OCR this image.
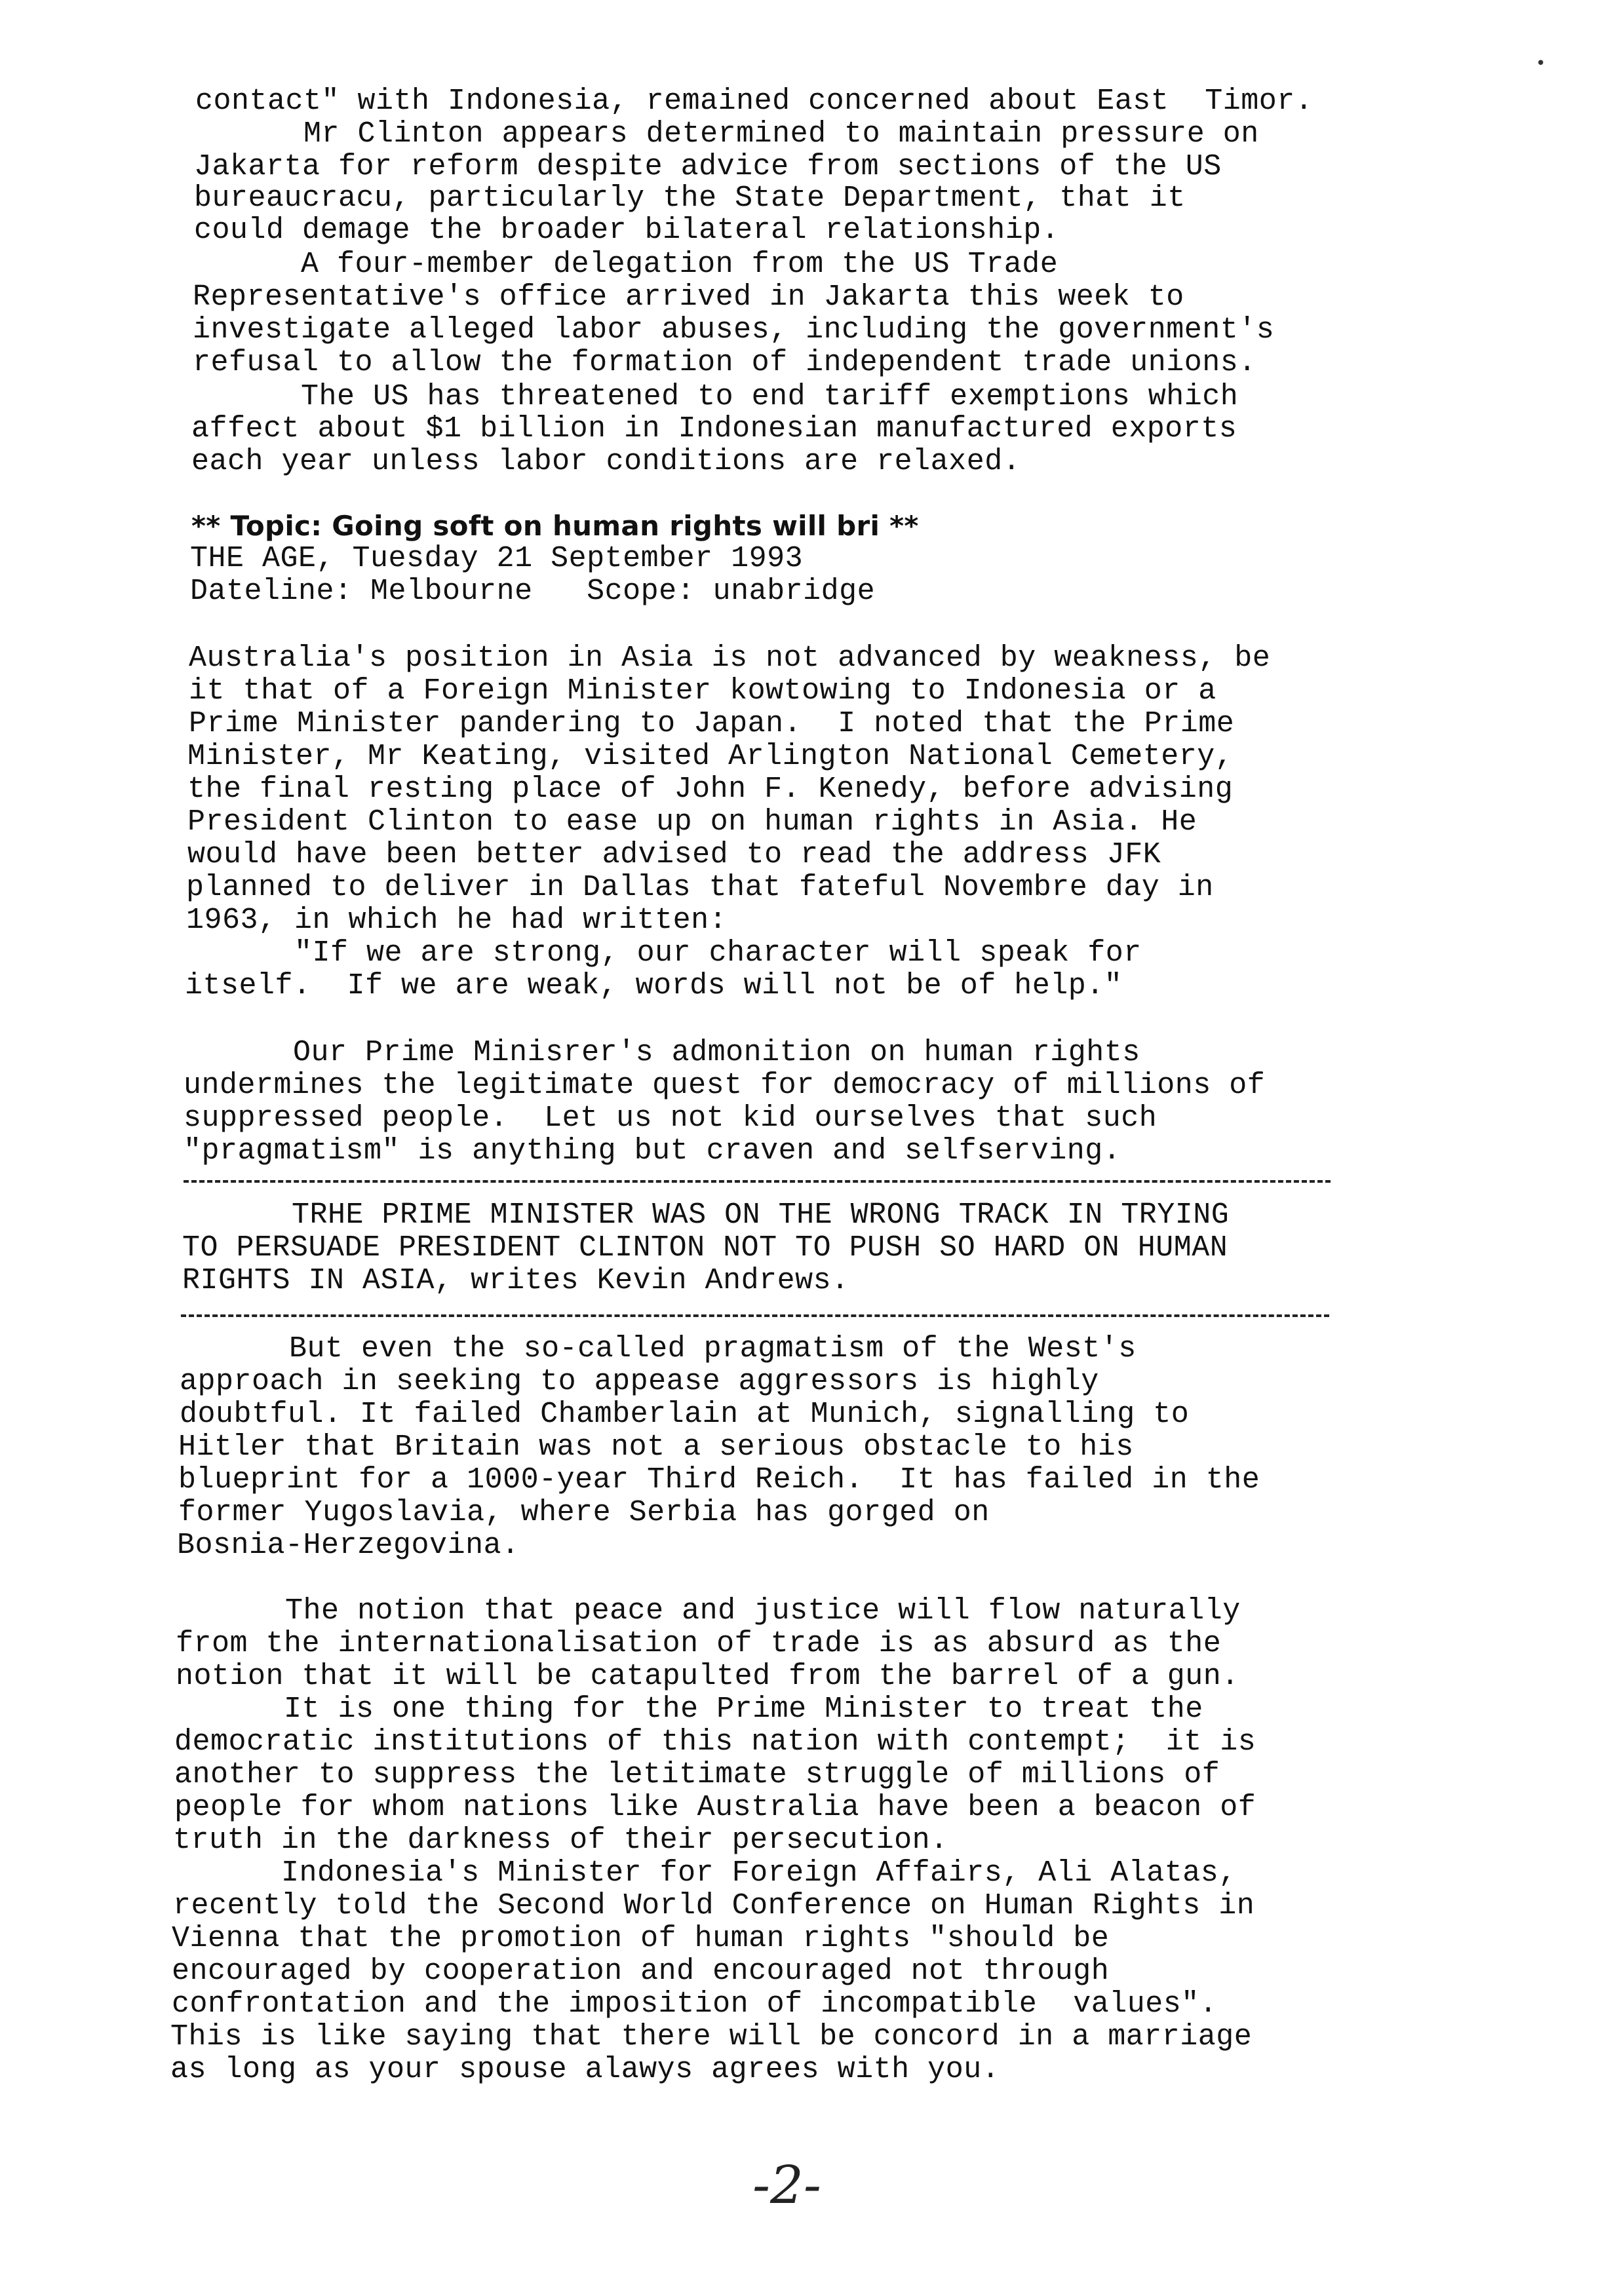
•
contact" with Indonesia, remained concerned about East  Timor.
Mr Clinton appears determined to maintain pressure on
Jakarta for reform despite advice from sections of the US
bureaucracu, particularly the State Department, that it
could demage the broader bilateral relationship.
A four-member delegation from the US Trade
Representative's office arrived in Jakarta this week to
investigate alleged labor abuses, including the government's
refusal to allow the formation of independent trade unions.
The US has threatened to end tariff exemptions which
affect about $1 billion in Indonesian manufactured exports
each year unless labor conditions are relaxed.
** Topic: Going soft on human rights will bri **
THE AGE, Tuesday 21 September 1993
Dateline: Melbourne   Scope: unabridge
Australia's position in Asia is not advanced by weakness, be
it that of a Foreign Minister kowtowing to Indonesia or a
Prime Minister pandering to Japan.  I noted that the Prime
Minister, Mr Keating, visited Arlington National Cemetery,
the final resting place of John F. Kenedy, before advising
President Clinton to ease up on human rights in Asia. He
would have been better advised to read the address JFK
planned to deliver in Dallas that fateful Novembre day in
1963, in which he had written:
"If we are strong, our character will speak for
itself.  If we are weak, words will not be of help."
Our Prime Minisrer's admonition on human rights
undermines the legitimate quest for democracy of millions of
suppressed people.  Let us not kid ourselves that such
"pragmatism" is anything but craven and selfserving.
TRHE PRIME MINISTER WAS ON THE WRONG TRACK IN TRYING
TO PERSUADE PRESIDENT CLINTON NOT TO PUSH SO HARD ON HUMAN
RIGHTS IN ASIA, writes Kevin Andrews.
But even the so-called pragmatism of the West's
approach in seeking to appease aggressors is highly
doubtful. It failed Chamberlain at Munich, signalling to
Hitler that Britain was not a serious obstacle to his
blueprint for a 1000-year Third Reich.  It has failed in the
former Yugoslavia, where Serbia has gorged on
Bosnia-Herzegovina.
The notion that peace and justice will flow naturally
from the internationalisation of trade is as absurd as the
notion that it will be catapulted from the barrel of a gun.
It is one thing for the Prime Minister to treat the
democratic institutions of this nation with contempt;  it is
another to suppress the letitimate struggle of millions of
people for whom nations like Australia have been a beacon of
truth in the darkness of their persecution.
Indonesia's Minister for Foreign Affairs, Ali Alatas,
recently told the Second World Conference on Human Rights in
Vienna that the promotion of human rights "should be
encouraged by cooperation and encouraged not through
confrontation and the imposition of incompatible  values".
This is like saying that there will be concord in a marriage
as long as your spouse alawys agrees with you.
-2-
